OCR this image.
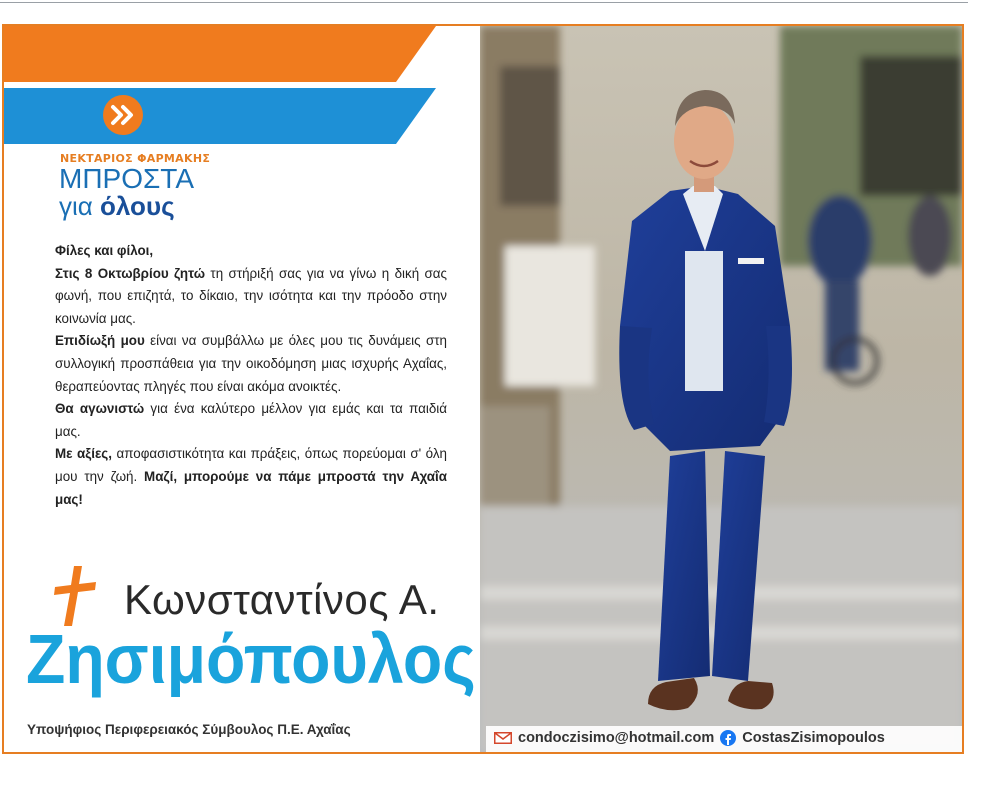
ΝΕΚΤΑΡΙΟΣ ΦΑΡΜΑΚΗΣ
ΜΠΡΟΣΤΑ
για όλους

Φίλες και φίλοι,

Στις 8 Οκτωβρίου ζητώ τη στήριξή σας για να γίνω η δική σας φωνή, που επιζητά, το δίκαιο, την ισότητα και την πρόοδο στην κοινωνία μας.

Επιδίωξή μου είναι να συμβάλλω με όλες μου τις δυνάμεις στη συλλογική προσπάθεια για την οικοδόμηση μιας ισχυρής Αχαΐας, θεραπεύοντας πληγές που είναι ακόμα ανοικτές.

Θα αγωνιστώ για ένα καλύτερο μέλλον για εμάς και τα παιδιά μας.

Με αξίες, αποφασιστικότητα και πράξεις, όπως πορεύομαι σ' όλη μου την ζωή. Μαζί, μπορούμε να πάμε μπροστά την Αχαΐα μας!

Κωνσταντίνος Α.
Ζησιμόπουλος
Υποψήφιος Περιφερειακός Σύμβουλος Π.Ε. Αχαΐας
condoczisimo@hotmail.com CostasZisimopoulos
